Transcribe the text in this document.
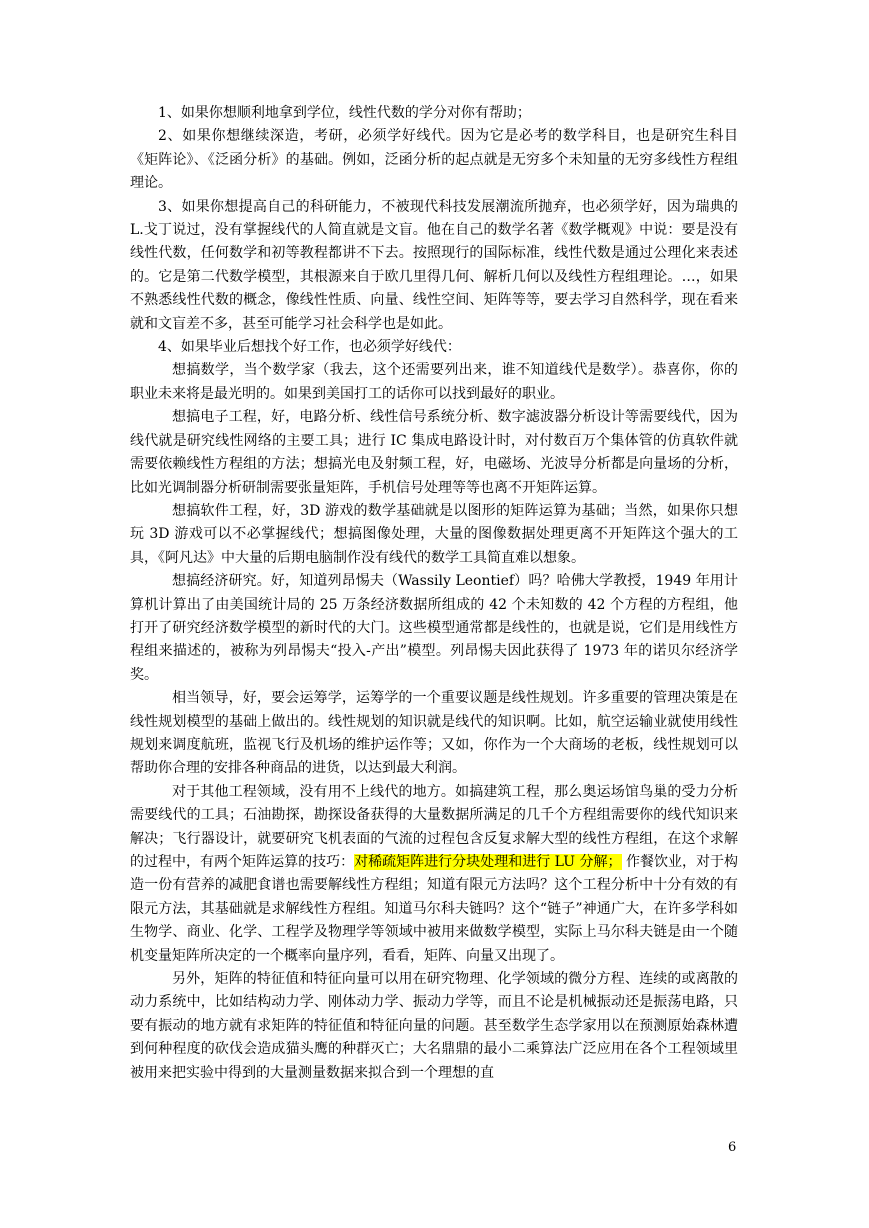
1、如果你想顺利地拿到学位，线性代数的学分对你有帮助；

2、如果你想继续深造，考研，必须学好线代。因为它是必考的数学科目，也是研究生科目《矩阵论》、《泛函分析》的基础。例如，泛函分析的起点就是无穷多个未知量的无穷多线性方程组理论。

3、如果你想提高自己的科研能力，不被现代科技发展潮流所抛弃，也必须学好，因为瑞典的 L.戈丁说过，没有掌握线代的人简直就是文盲。他在自己的数学名著《数学概观》中说：要是没有线性代数，任何数学和初等教程都讲不下去。按照现行的国际标准，线性代数是通过公理化来表述的。它是第二代数学模型，其根源来自于欧几里得几何、解析几何以及线性方程组理论。…，如果不熟悉线性代数的概念，像线性性质、向量、线性空间、矩阵等等，要去学习自然科学，现在看来就和文盲差不多，甚至可能学习社会科学也是如此。

4、如果毕业后想找个好工作，也必须学好线代：

想搞数学，当个数学家（我去，这个还需要列出来，谁不知道线代是数学）。恭喜你，你的职业未来将是最光明的。如果到美国打工的话你可以找到最好的职业。

想搞电子工程，好，电路分析、线性信号系统分析、数字滤波器分析设计等需要线代，因为线代就是研究线性网络的主要工具；进行 IC 集成电路设计时，对付数百万个集体管的仿真软件就需要依赖线性方程组的方法；想搞光电及射频工程，好，电磁场、光波导分析都是向量场的分析，比如光调制器分析研制需要张量矩阵，手机信号处理等等也离不开矩阵运算。

想搞软件工程，好，3D 游戏的数学基础就是以图形的矩阵运算为基础；当然，如果你只想玩 3D 游戏可以不必掌握线代；想搞图像处理，大量的图像数据处理更离不开矩阵这个强大的工具，《阿凡达》中大量的后期电脑制作没有线代的数学工具简直难以想象。

想搞经济研究。好，知道列昂惕夫（Wassily Leontief）吗？哈佛大学教授，1949 年用计算机计算出了由美国统计局的 25 万条经济数据所组成的 42 个未知数的 42 个方程的方程组，他打开了研究经济数学模型的新时代的大门。这些模型通常都是线性的，也就是说，它们是用线性方程组来描述的，被称为列昂惕夫“投入-产出”模型。列昂惕夫因此获得了 1973 年的诺贝尔经济学奖。

相当领导，好，要会运筹学，运筹学的一个重要议题是线性规划。许多重要的管理决策是在线性规划模型的基础上做出的。线性规划的知识就是线代的知识啊。比如，航空运输业就使用线性规划来调度航班，监视飞行及机场的维护运作等；又如，你作为一个大商场的老板，线性规划可以帮助你合理的安排各种商品的进货，以达到最大利润。

对于其他工程领域，没有用不上线代的地方。如搞建筑工程，那么奥运场馆鸟巢的受力分析需要线代的工具；石油勘探，勘探设备获得的大量数据所满足的几千个方程组需要你的线代知识来解决；飞行器设计，就要研究飞机表面的气流的过程包含反复求解大型的线性方程组，在这个求解的过程中，有两个矩阵运算的技巧：对稀疏矩阵进行分块处理和进行 LU 分解； 作餐饮业，对于构造一份有营养的减肥食谱也需要解线性方程组；知道有限元方法吗？这个工程分析中十分有效的有限元方法，其基础就是求解线性方程组。知道马尔科夫链吗？这个“链子”神通广大，在许多学科如生物学、商业、化学、工程学及物理学等领域中被用来做数学模型，实际上马尔科夫链是由一个随机变量矩阵所决定的一个概率向量序列，看看，矩阵、向量又出现了。

另外，矩阵的特征值和特征向量可以用在研究物理、化学领域的微分方程、连续的或离散的动力系统中，比如结构动力学、刚体动力学、振动力学等，而且不论是机械振动还是振荡电路，只要有振动的地方就有求矩阵的特征值和特征向量的问题。甚至数学生态学家用以在预测原始森林遭到何种程度的砍伐会造成猫头鹰的种群灭亡；大名鼎鼎的最小二乘算法广泛应用在各个工程领域里被用来把实验中得到的大量测量数据来拟合到一个理想的直

6
